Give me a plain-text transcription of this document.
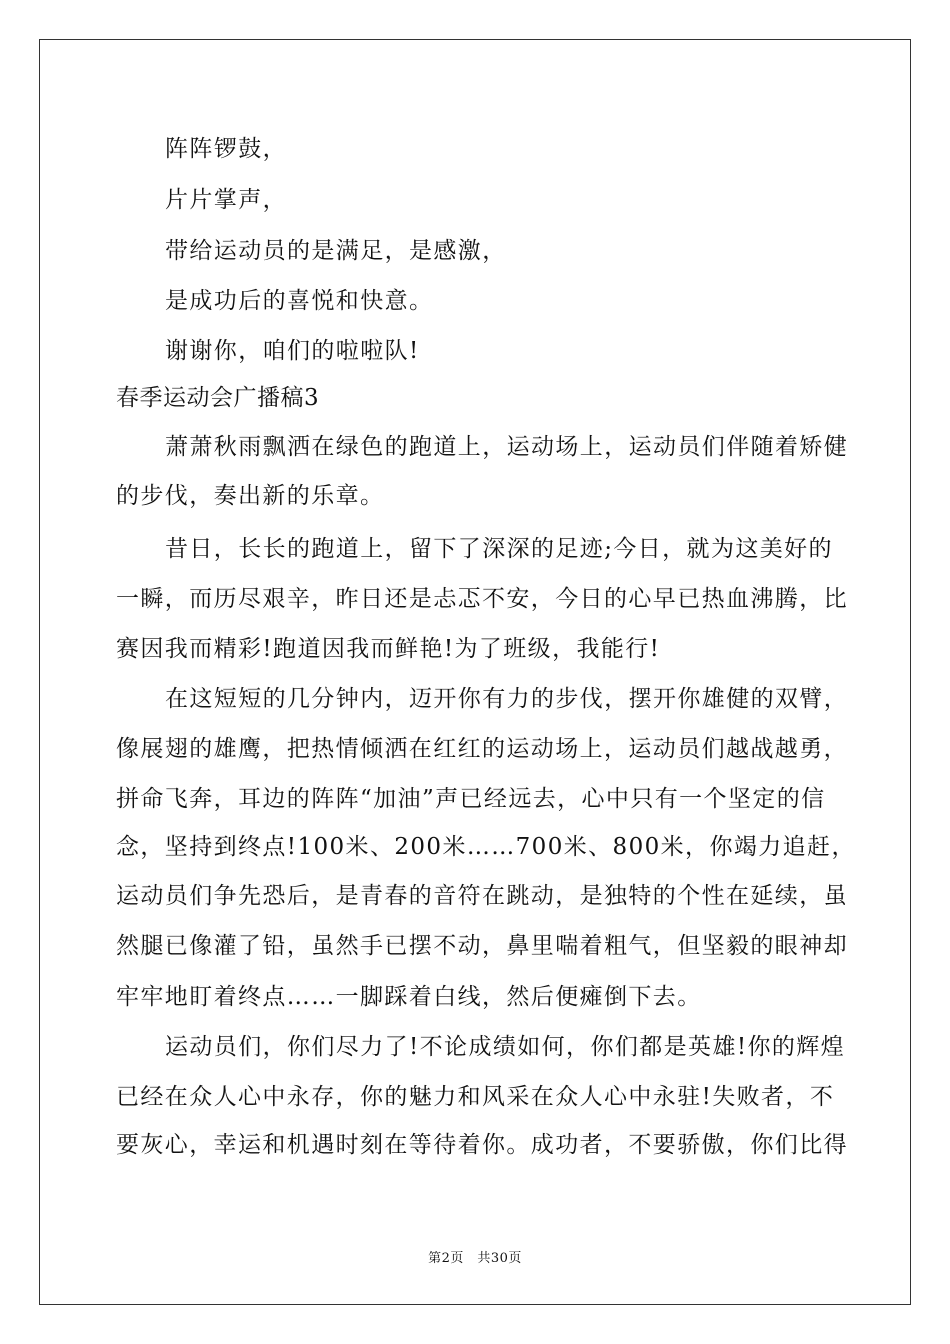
阵阵锣鼓，
片片掌声，
带给运动员的是满足，是感激，
是成功后的喜悦和快意。
谢谢你，咱们的啦啦队!
春季运动会广播稿3
萧萧秋雨飘洒在绿色的跑道上，运动场上，运动员们伴随着矫健
的步伐，奏出新的乐章。
昔日，长长的跑道上，留下了深深的足迹;今日，就为这美好的
一瞬，而历尽艰辛，昨日还是忐忑不安，今日的心早已热血沸腾，比
赛因我而精彩!跑道因我而鲜艳!为了班级，我能行!
在这短短的几分钟内，迈开你有力的步伐，摆开你雄健的双臂，
像展翅的雄鹰，把热情倾洒在红红的运动场上，运动员们越战越勇，
拼命飞奔，耳边的阵阵“加油”声已经远去，心中只有一个坚定的信
念，坚持到终点!100米、200米……700米、800米，你竭力追赶，
运动员们争先恐后，是青春的音符在跳动，是独特的个性在延续，虽
然腿已像灌了铅，虽然手已摆不动，鼻里喘着粗气，但坚毅的眼神却
牢牢地盯着终点……一脚踩着白线，然后便瘫倒下去。
运动员们，你们尽力了!不论成绩如何，你们都是英雄!你的辉煌
已经在众人心中永存，你的魅力和风采在众人心中永驻!失败者，不
要灰心，幸运和机遇时刻在等待着你。成功者，不要骄傲，你们比得
第2页　共30页
